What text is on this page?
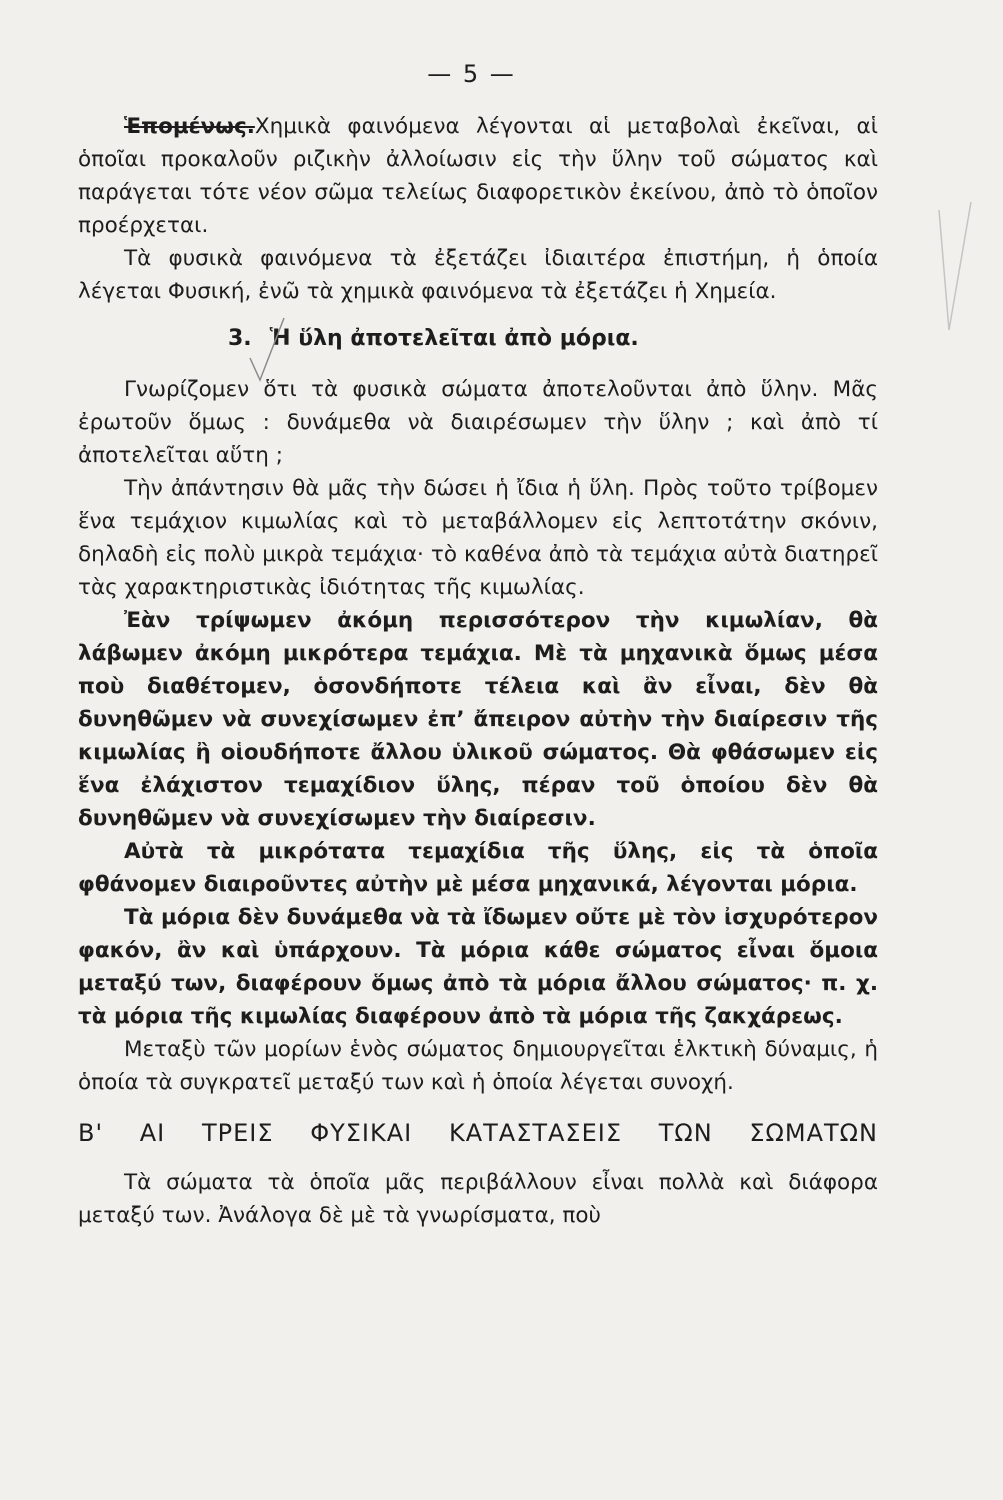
— 5 —

Ἑπομένως.Χημικὰ φαινόμενα λέγονται αἱ μεταβολαὶ ἐκεῖναι, αἱ ὁποῖαι προκαλοῦν ριζικὴν ἀλλοίωσιν εἰς τὴν ὕλην τοῦ σώματος καὶ παράγεται τότε νέον σῶμα τελείως διαφορετικὸν ἐκείνου, ἀπὸ τὸ ὁποῖον προέρχεται.

Τὰ φυσικὰ φαινόμενα τὰ ἐξετάζει ἰδιαιτέρα ἐπιστήμη, ἡ ὁποία λέγεται Φυσική, ἐνῶ τὰ χημικὰ φαινόμενα τὰ ἐξετάζει ἡ Χημεία.

3. Ἡ ὕλη ἀποτελεῖται ἀπὸ μόρια.

Γνωρίζομεν ὅτι τὰ φυσικὰ σώματα ἀποτελοῦνται ἀπὸ ὕλην. Μᾶς ἐρωτοῦν ὅμως : δυνάμεθα νὰ διαιρέσωμεν τὴν ὕλην ; καὶ ἀπὸ τί ἀποτελεῖται αὕτη ;

Τὴν ἀπάντησιν θὰ μᾶς τὴν δώσει ἡ ἴδια ἡ ὕλη. Πρὸς τοῦτο τρίβομεν ἕνα τεμάχιον κιμωλίας καὶ τὸ μεταβάλλομεν εἰς λεπτοτάτην σκόνιν, δηλαδὴ εἰς πολὺ μικρὰ τεμάχια· τὸ καθένα ἀπὸ τὰ τεμάχια αὐτὰ διατηρεῖ τὰς χαρακτηριστικὰς ἰδιότητας τῆς κιμωλίας.

Ἐὰν τρίψωμεν ἀκόμη περισσότερον τὴν κιμωλίαν, θὰ λάβωμεν ἀκόμη μικρότερα τεμάχια. Μὲ τὰ μηχανικὰ ὅμως μέσα ποὺ διαθέτομεν, ὁσονδήποτε τέλεια καὶ ἂν εἶναι, δὲν θὰ δυνηθῶμεν νὰ συνεχίσωμεν ἐπ’ ἄπειρον αὐτὴν τὴν διαίρεσιν τῆς κιμωλίας ἢ οἱουδήποτε ἄλλου ὑλικοῦ σώματος. Θὰ φθάσωμεν εἰς ἕνα ἐλάχιστον τεμαχίδιον ὕλης, πέραν τοῦ ὁποίου δὲν θὰ δυνηθῶμεν νὰ συνεχίσωμεν τὴν διαίρεσιν.

Αὐτὰ τὰ μικρότατα τεμαχίδια τῆς ὕλης, εἰς τὰ ὁποῖα φθάνομεν διαιροῦντες αὐτὴν μὲ μέσα μηχανικά, λέγονται μόρια.

Τὰ μόρια δὲν δυνάμεθα νὰ τὰ ἴδωμεν οὔτε μὲ τὸν ἰσχυρότερον φακόν, ἂν καὶ ὑπάρχουν. Τὰ μόρια κάθε σώματος εἶναι ὅμοια μεταξύ των, διαφέρουν ὅμως ἀπὸ τὰ μόρια ἄλλου σώματος· π. χ. τὰ μόρια τῆς κιμωλίας διαφέρουν ἀπὸ τὰ μόρια τῆς ζακχάρεως.

Μεταξὺ τῶν μορίων ἑνὸς σώματος δημιουργεῖται ἑλκτικὴ δύναμις, ἡ ὁποία τὰ συγκρατεῖ μεταξύ των καὶ ἡ ὁποία λέγεται συνοχή.

Β' ΑΙ ΤΡΕΙΣ ΦΥΣΙΚΑΙ ΚΑΤΑΣΤΑΣΕΙΣ ΤΩΝ ΣΩΜΑΤΩΝ

Τὰ σώματα τὰ ὁποῖα μᾶς περιβάλλουν εἶναι πολλὰ καὶ διάφορα μεταξύ των. Ἀνάλογα δὲ μὲ τὰ γνωρίσματα, ποὺ
